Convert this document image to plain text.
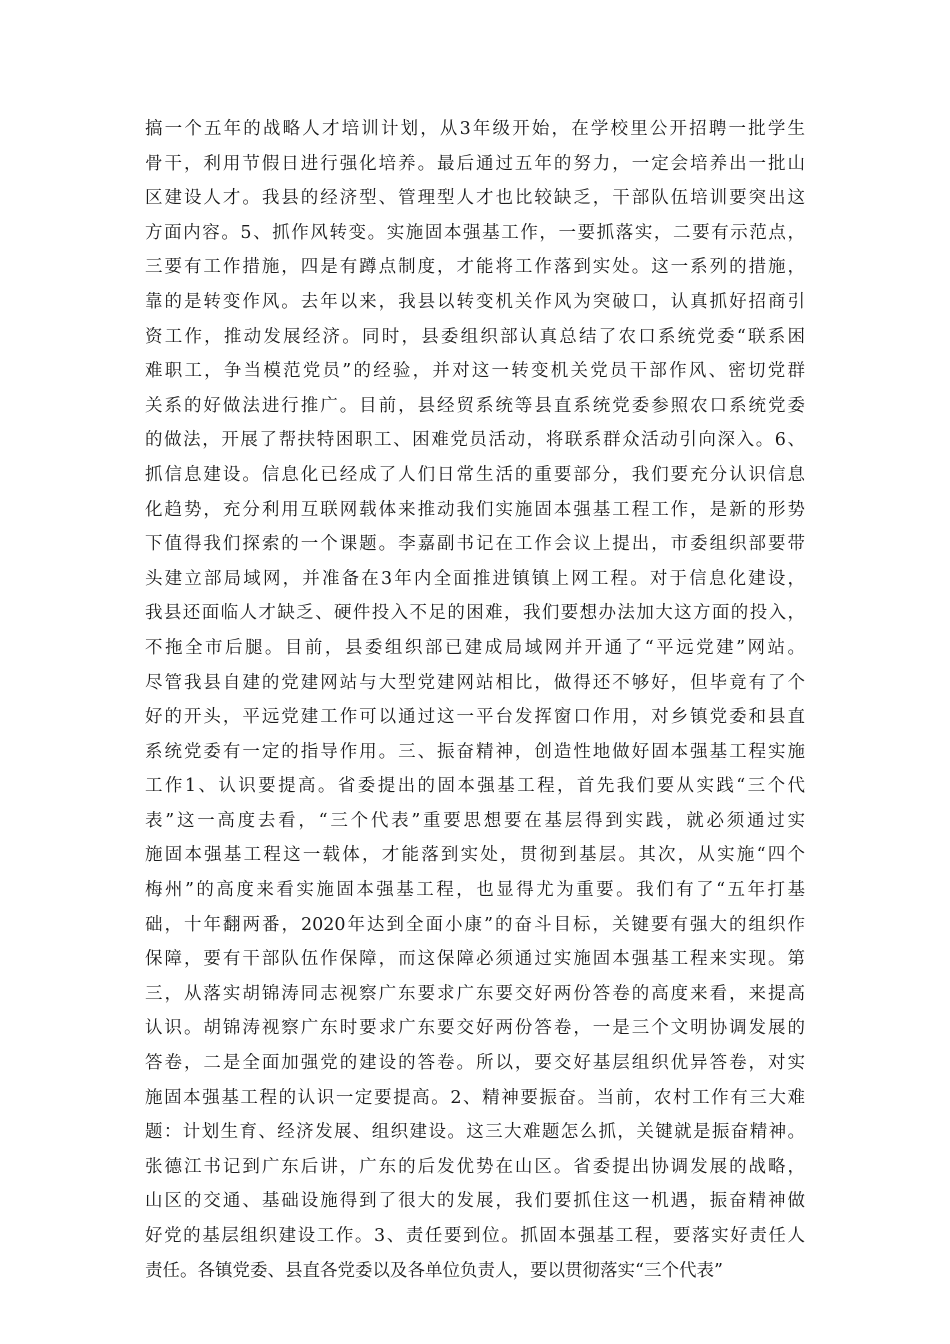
搞一个五年的战略人才培训计划，从3年级开始，在学校里公开招聘一批学生
骨干，利用节假日进行强化培养。最后通过五年的努力，一定会培养出一批山
区建设人才。我县的经济型、管理型人才也比较缺乏，干部队伍培训要突出这
方面内容。5、抓作风转变。实施固本强基工作，一要抓落实，二要有示范点，
三要有工作措施，四是有蹲点制度，才能将工作落到实处。这一系列的措施，
靠的是转变作风。去年以来，我县以转变机关作风为突破口，认真抓好招商引
资工作，推动发展经济。同时，县委组织部认真总结了农口系统党委“联系困
难职工，争当模范党员”的经验，并对这一转变机关党员干部作风、密切党群
关系的好做法进行推广。目前，县经贸系统等县直系统党委参照农口系统党委
的做法，开展了帮扶特困职工、困难党员活动，将联系群众活动引向深入。6、
抓信息建设。信息化已经成了人们日常生活的重要部分，我们要充分认识信息
化趋势，充分利用互联网载体来推动我们实施固本强基工程工作，是新的形势
下值得我们探索的一个课题。李嘉副书记在工作会议上提出，市委组织部要带
头建立部局域网，并准备在3年内全面推进镇镇上网工程。对于信息化建设，
我县还面临人才缺乏、硬件投入不足的困难，我们要想办法加大这方面的投入，
不拖全市后腿。目前，县委组织部已建成局域网并开通了“平远党建”网站。
尽管我县自建的党建网站与大型党建网站相比，做得还不够好，但毕竟有了个
好的开头，平远党建工作可以通过这一平台发挥窗口作用，对乡镇党委和县直
系统党委有一定的指导作用。三、振奋精神，创造性地做好固本强基工程实施
工作1、认识要提高。省委提出的固本强基工程，首先我们要从实践“三个代
表”这一高度去看，“三个代表”重要思想要在基层得到实践，就必须通过实
施固本强基工程这一载体，才能落到实处，贯彻到基层。其次，从实施“四个
梅州”的高度来看实施固本强基工程，也显得尤为重要。我们有了“五年打基
础，十年翻两番，2020年达到全面小康”的奋斗目标，关键要有强大的组织作
保障，要有干部队伍作保障，而这保障必须通过实施固本强基工程来实现。第
三，从落实胡锦涛同志视察广东要求广东要交好两份答卷的高度来看，来提高
认识。胡锦涛视察广东时要求广东要交好两份答卷，一是三个文明协调发展的
答卷，二是全面加强党的建设的答卷。所以，要交好基层组织优异答卷，对实
施固本强基工程的认识一定要提高。2、精神要振奋。当前，农村工作有三大难
题：计划生育、经济发展、组织建设。这三大难题怎么抓，关键就是振奋精神。
张德江书记到广东后讲，广东的后发优势在山区。省委提出协调发展的战略，
山区的交通、基础设施得到了很大的发展，我们要抓住这一机遇，振奋精神做
好党的基层组织建设工作。3、责任要到位。抓固本强基工程，要落实好责任人
责任。各镇党委、县直各党委以及各单位负责人，要以贯彻落实“三个代表”
